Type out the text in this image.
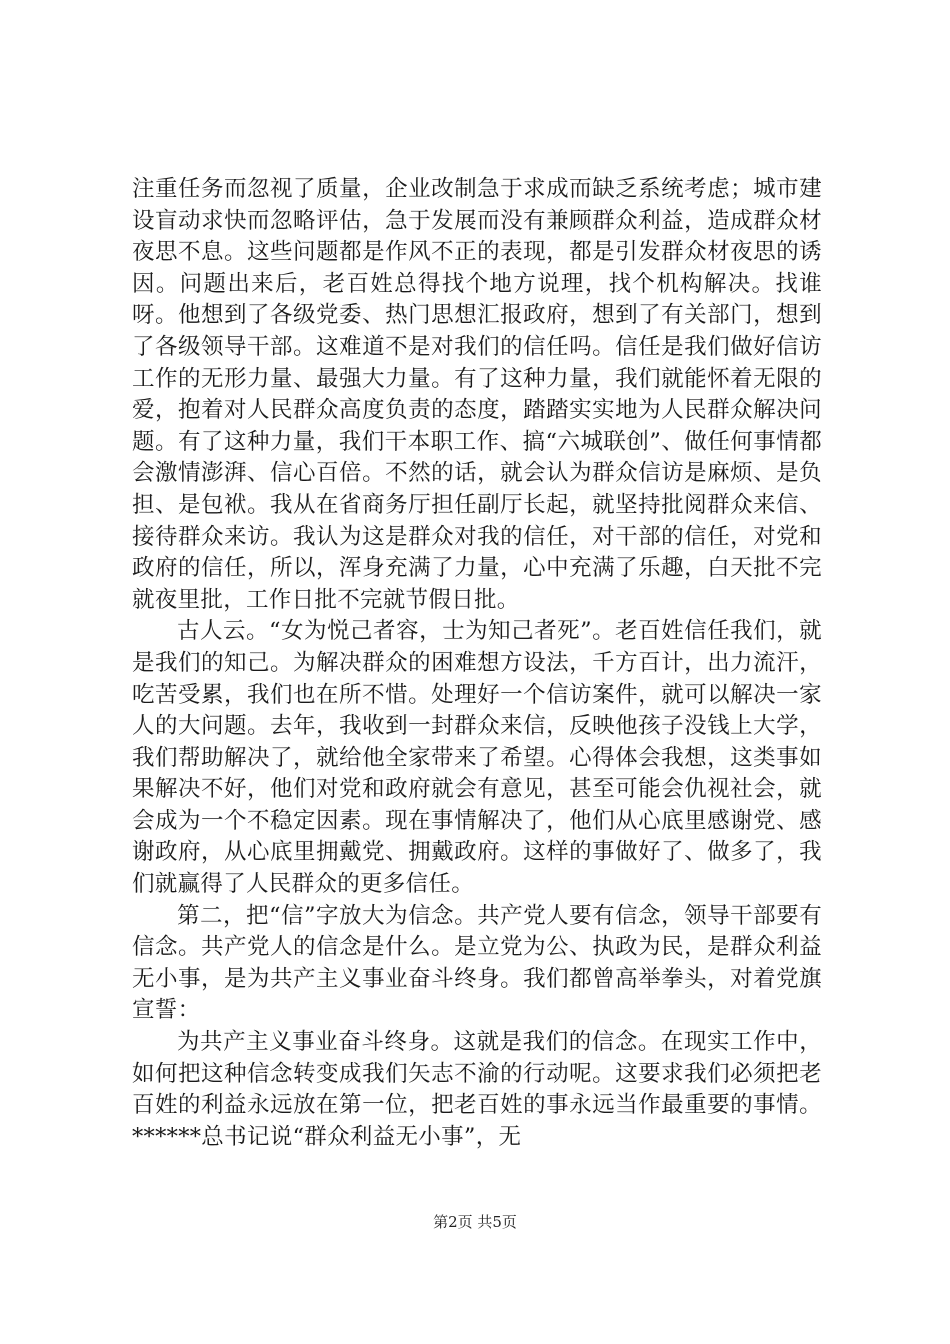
注重任务而忽视了质量，企业改制急于求成而缺乏系统考虑；城市建设盲动求快而忽略评估，急于发展而没有兼顾群众利益，造成群众材夜思不息。这些问题都是作风不正的表现，都是引发群众材夜思的诱因。问题出来后，老百姓总得找个地方说理，找个机构解决。找谁呀。他想到了各级党委、热门思想汇报政府，想到了有关部门，想到了各级领导干部。这难道不是对我们的信任吗。信任是我们做好信访工作的无形力量、最强大力量。有了这种力量，我们就能怀着无限的爱，抱着对人民群众高度负责的态度，踏踏实实地为人民群众解决问题。有了这种力量，我们干本职工作、搞“六城联创”、做任何事情都会激情澎湃、信心百倍。不然的话，就会认为群众信访是麻烦、是负担、是包袱。我从在省商务厅担任副厅长起，就坚持批阅群众来信、接待群众来访。我认为这是群众对我的信任，对干部的信任，对党和政府的信任，所以，浑身充满了力量，心中充满了乐趣，白天批不完就夜里批，工作日批不完就节假日批。

古人云。“女为悦己者容，士为知己者死”。老百姓信任我们，就是我们的知己。为解决群众的困难想方设法，千方百计，出力流汗，吃苦受累，我们也在所不惜。处理好一个信访案件，就可以解决一家人的大问题。去年，我收到一封群众来信，反映他孩子没钱上大学，我们帮助解决了，就给他全家带来了希望。心得体会我想，这类事如果解决不好，他们对党和政府就会有意见，甚至可能会仇视社会，就会成为一个不稳定因素。现在事情解决了，他们从心底里感谢党、感谢政府，从心底里拥戴党、拥戴政府。这样的事做好了、做多了，我们就赢得了人民群众的更多信任。

第二，把“信”字放大为信念。共产党人要有信念，领导干部要有信念。共产党人的信念是什么。是立党为公、执政为民，是群众利益无小事，是为共产主义事业奋斗终身。我们都曾高举拳头，对着党旗宣誓：

为共产主义事业奋斗终身。这就是我们的信念。在现实工作中，如何把这种信念转变成我们矢志不渝的行动呢。这要求我们必须把老百姓的利益永远放在第一位，把老百姓的事永远当作最重要的事情。******总书记说“群众利益无小事”，无

第2页 共5页
